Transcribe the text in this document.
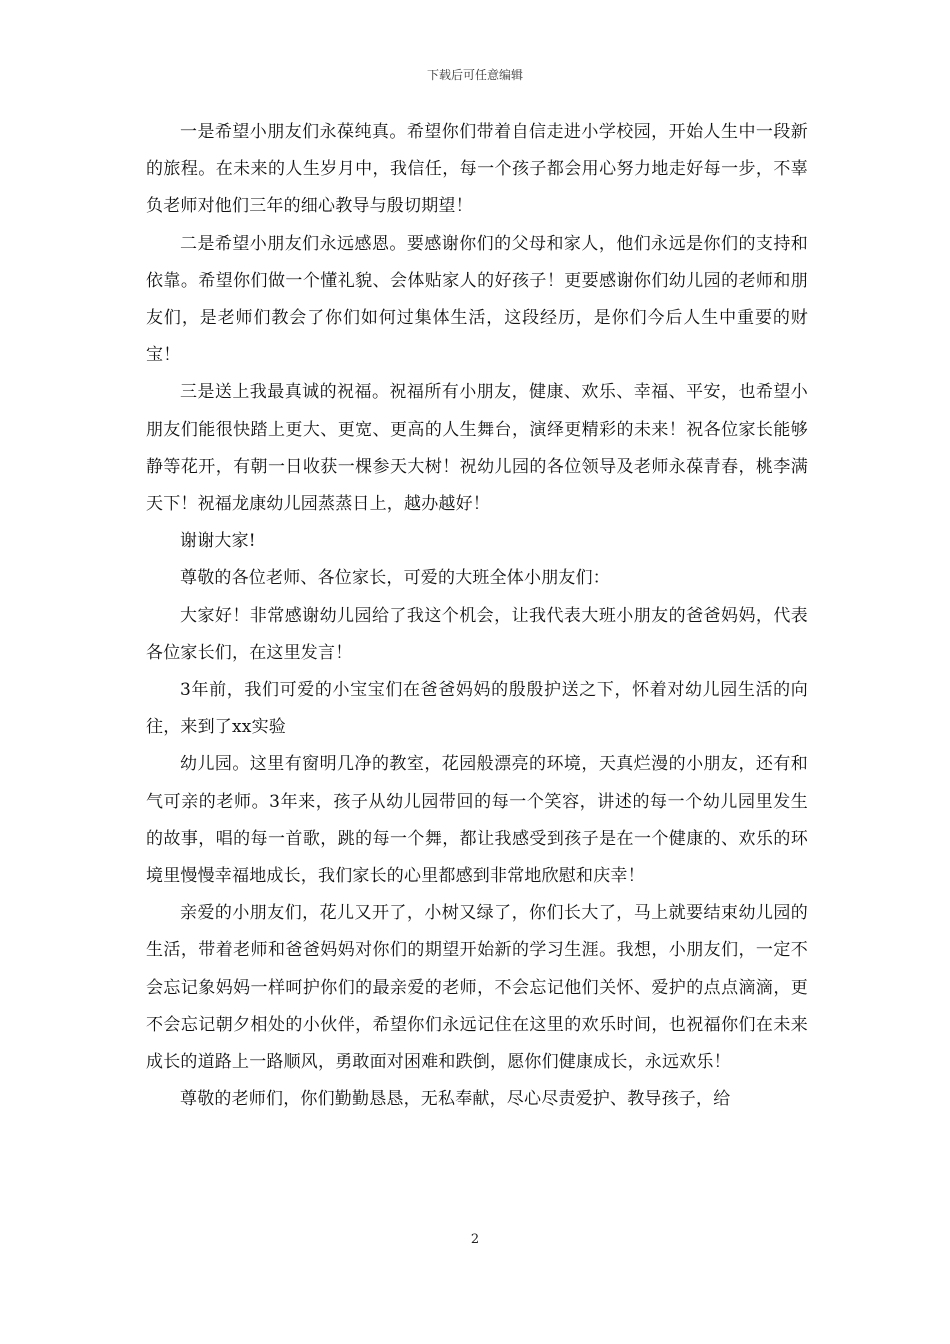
下载后可任意编辑

一是希望小朋友们永葆纯真。希望你们带着自信走进小学校园，开始人生中一段新的旅程。在未来的人生岁月中，我信任，每一个孩子都会用心努力地走好每一步，不辜负老师对他们三年的细心教导与殷切期望！

二是希望小朋友们永远感恩。要感谢你们的父母和家人，他们永远是你们的支持和依靠。希望你们做一个懂礼貌、会体贴家人的好孩子！更要感谢你们幼儿园的老师和朋友们，是老师们教会了你们如何过集体生活，这段经历，是你们今后人生中重要的财宝！

三是送上我最真诚的祝福。祝福所有小朋友，健康、欢乐、幸福、平安，也希望小朋友们能很快踏上更大、更宽、更高的人生舞台，演绎更精彩的未来！祝各位家长能够静等花开，有朝一日收获一棵参天大树！祝幼儿园的各位领导及老师永葆青春，桃李满天下！祝福龙康幼儿园蒸蒸日上，越办越好！

谢谢大家!

尊敬的各位老师、各位家长，可爱的大班全体小朋友们：

大家好！非常感谢幼儿园给了我这个机会，让我代表大班小朋友的爸爸妈妈，代表各位家长们，在这里发言！

3年前，我们可爱的小宝宝们在爸爸妈妈的殷殷护送之下，怀着对幼儿园生活的向往，来到了xx实验

幼儿园。这里有窗明几净的教室，花园般漂亮的环境，天真烂漫的小朋友，还有和气可亲的老师。3年来，孩子从幼儿园带回的每一个笑容，讲述的每一个幼儿园里发生的故事，唱的每一首歌，跳的每一个舞，都让我感受到孩子是在一个健康的、欢乐的环境里慢慢幸福地成长，我们家长的心里都感到非常地欣慰和庆幸！

亲爱的小朋友们，花儿又开了，小树又绿了，你们长大了，马上就要结束幼儿园的生活，带着老师和爸爸妈妈对你们的期望开始新的学习生涯。我想，小朋友们，一定不会忘记象妈妈一样呵护你们的最亲爱的老师，不会忘记他们关怀、爱护的点点滴滴，更不会忘记朝夕相处的小伙伴，希望你们永远记住在这里的欢乐时间，也祝福你们在未来成长的道路上一路顺风，勇敢面对困难和跌倒，愿你们健康成长，永远欢乐！

尊敬的老师们，你们勤勤恳恳，无私奉献，尽心尽责爱护、教导孩子，给

2
